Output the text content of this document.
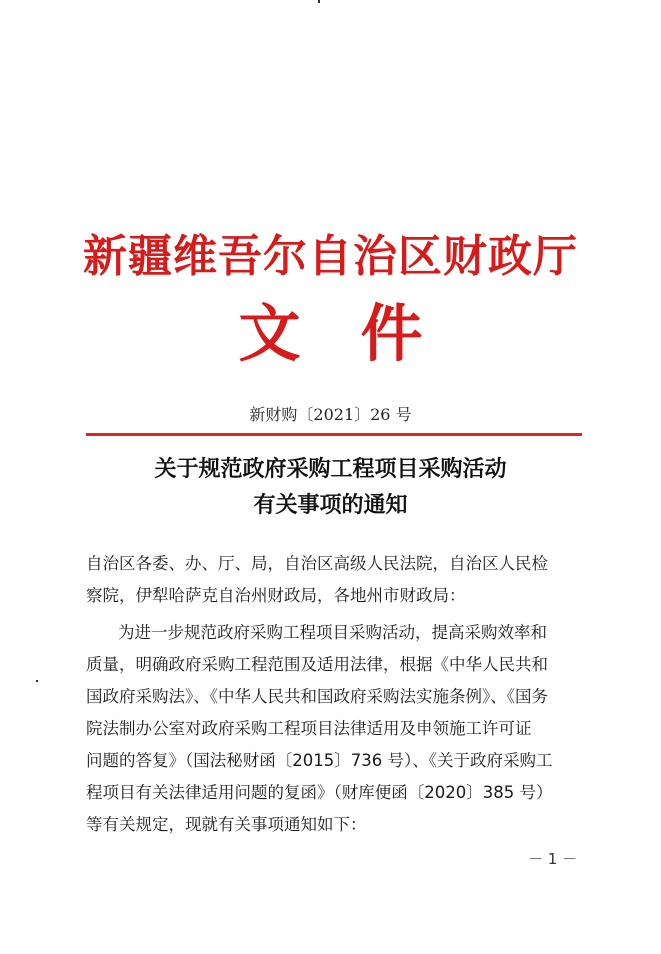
新疆维吾尔自治区财政厅
文件
新财购〔2021〕26 号
关于规范政府采购工程项目采购活动
有关事项的通知
自治区各委、办、厅、局，自治区高级人民法院，自治区人民检
察院，伊犁哈萨克自治州财政局，各地州市财政局：
为进一步规范政府采购工程项目采购活动，提高采购效率和
质量，明确政府采购工程范围及适用法律，根据《中华人民共和
国政府采购法》、《中华人民共和国政府采购法实施条例》、《国务
院法制办公室对政府采购工程项目法律适用及申领施工许可证
问题的答复》（国法秘财函〔2015〕736 号）、《关于政府采购工
程项目有关法律适用问题的复函》（财库便函〔2020〕385 号）
等有关规定，现就有关事项通知如下：
－ 1 －
